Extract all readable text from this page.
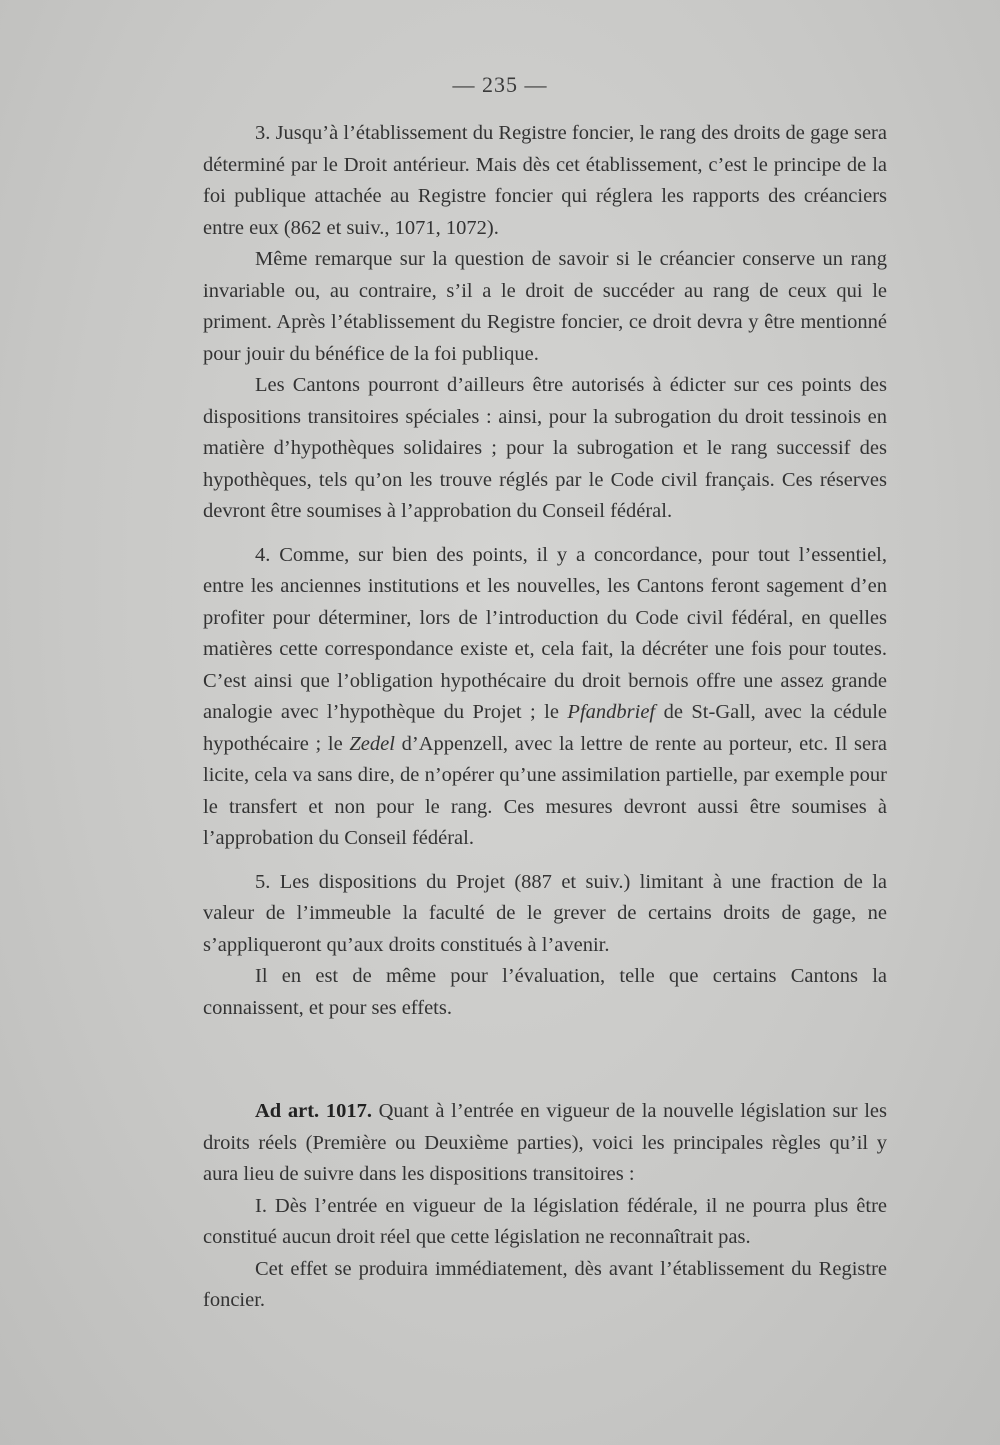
— 235 —

3. Jusqu’à l’établissement du Registre foncier, le rang des droits de gage sera déterminé par le Droit antérieur. Mais dès cet établissement, c’est le principe de la foi publique attachée au Registre foncier qui réglera les rapports des créanciers entre eux (862 et suiv., 1071, 1072).

Même remarque sur la question de savoir si le créancier conserve un rang invariable ou, au contraire, s’il a le droit de succéder au rang de ceux qui le priment. Après l’établissement du Registre foncier, ce droit devra y être mentionné pour jouir du bénéfice de la foi publique.

Les Cantons pourront d’ailleurs être autorisés à édicter sur ces points des dispositions transitoires spéciales : ainsi, pour la subrogation du droit tessinois en matière d’hypothèques solidaires ; pour la subrogation et le rang successif des hypothèques, tels qu’on les trouve réglés par le Code civil français. Ces réserves devront être soumises à l’approbation du Conseil fédéral.

4. Comme, sur bien des points, il y a concordance, pour tout l’essentiel, entre les anciennes institutions et les nouvelles, les Cantons feront sagement d’en profiter pour déterminer, lors de l’introduction du Code civil fédéral, en quelles matières cette correspondance existe et, cela fait, la décréter une fois pour toutes. C’est ainsi que l’obligation hypothécaire du droit bernois offre une assez grande analogie avec l’hypothèque du Projet ; le Pfandbrief de St-Gall, avec la cédule hypothécaire ; le Zedel d’Appenzell, avec la lettre de rente au porteur, etc. Il sera licite, cela va sans dire, de n’opérer qu’une assimilation partielle, par exemple pour le transfert et non pour le rang. Ces mesures devront aussi être soumises à l’approbation du Conseil fédéral.

5. Les dispositions du Projet (887 et suiv.) limitant à une fraction de la valeur de l’immeuble la faculté de le grever de certains droits de gage, ne s’appliqueront qu’aux droits constitués à l’avenir.

Il en est de même pour l’évaluation, telle que certains Cantons la connaissent, et pour ses effets.

Ad art. 1017. Quant à l’entrée en vigueur de la nouvelle législation sur les droits réels (Première ou Deuxième parties), voici les principales règles qu’il y aura lieu de suivre dans les dispositions transitoires :

I. Dès l’entrée en vigueur de la législation fédérale, il ne pourra plus être constitué aucun droit réel que cette législation ne reconnaîtrait pas.

Cet effet se produira immédiatement, dès avant l’établissement du Registre foncier.
